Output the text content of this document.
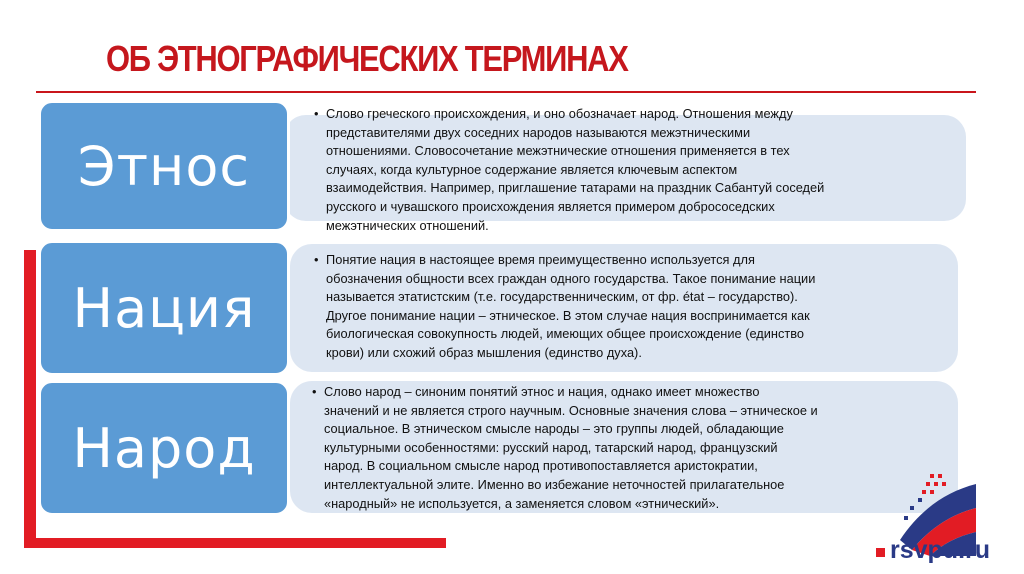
ОБ ЭТНОГРАФИЧЕСКИХ ТЕРМИНАХ
Этнос
• Слово греческого происхождения, и оно обозначает народ. Отношения между
представителями двух соседних народов называются межэтническими
отношениями. Словосочетание межэтнические отношения применяется в тех
случаях, когда культурное содержание является ключевым аспектом
взаимодействия. Например, приглашение татарами на праздник Сабантуй соседей
русского и чувашского происхождения является примером добрососедских
межэтнических отношений.
Нация
• Понятие нация в настоящее время преимущественно используется для
обозначения общности всех граждан одного государства. Такое понимание нации
называется этатистским (т.е. государственническим, от фр. état – государство).
Другое понимание нации – этническое. В этом случае нация воспринимается как
биологическая совокупность людей, имеющих общее происхождение (единство
крови) или схожий образ мышления (единство духа).
Народ
• Слово народ – синоним понятий этнос и нация, однако имеет множество
значений и не является строго научным. Основные значения слова – этническое и
социальное. В этническом смысле народы – это группы людей, обладающие
культурными особенностями: русский народ, татарский народ, французский
народ. В социальном смысле народ противопоставляется аристократии,
интеллектуальной элите. Именно во избежание неточностей прилагательное
«народный» не используется, а заменяется словом «этнический».
rsvpu.ru
